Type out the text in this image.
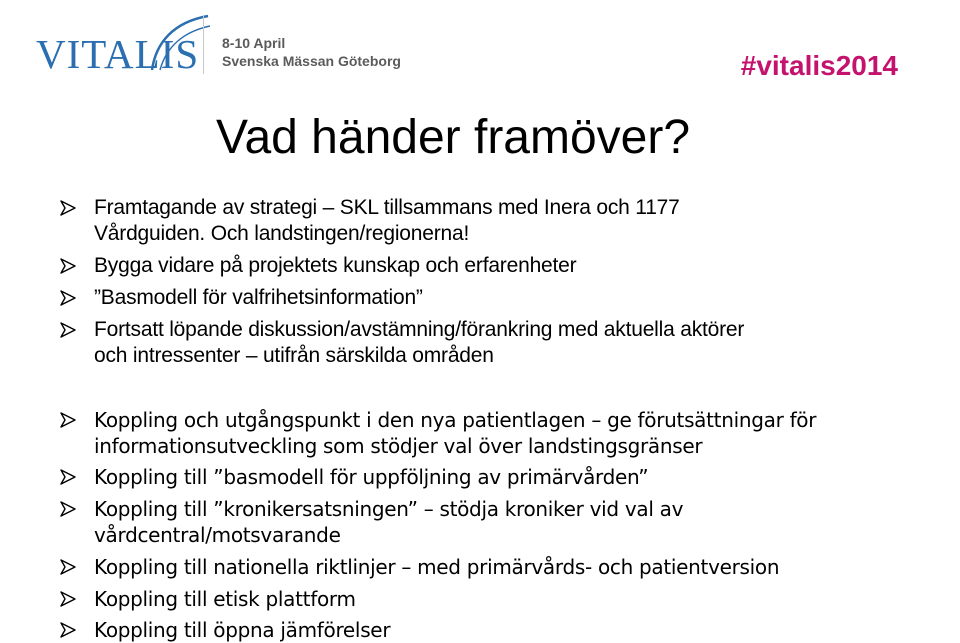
VITALIS 8-10 April
Svenska Mässan Göteborg	#vitalis2014
Vad händer framöver?
Framtagande av strategi – SKL tillsammans med Inera och 1177
Vårdguiden. Och landstingen/regionerna!
Bygga vidare på projektets kunskap och erfarenheter
”Basmodell för valfrihetsinformation”
Fortsatt löpande diskussion/avstämning/förankring med aktuella aktörer
och intressenter – utifrån särskilda områden
Koppling och utgångspunkt i den nya patientlagen – ge förutsättningar för
informationsutveckling som stödjer val över landstingsgränser
Koppling till ”basmodell för uppföljning av primärvården”
Koppling till ”kronikersatsningen” – stödja kroniker vid val av
vårdcentral/motsvarande
Koppling till nationella riktlinjer – med primärvårds- och patientversion
Koppling till etisk plattform
Koppling till öppna jämförelser
